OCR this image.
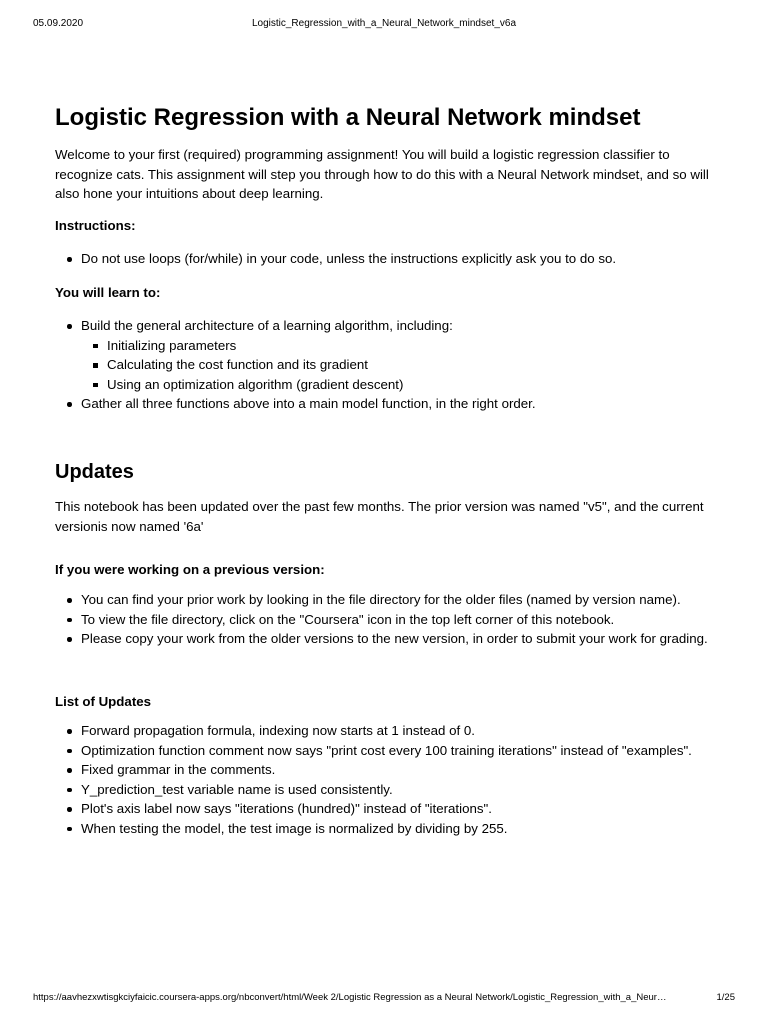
05.09.2020	Logistic_Regression_with_a_Neural_Network_mindset_v6a
Logistic Regression with a Neural Network mindset

Welcome to your first (required) programming assignment! You will build a logistic regression classifier to recognize cats. This assignment will step you through how to do this with a Neural Network mindset, and so will also hone your intuitions about deep learning.

Instructions:

Do not use loops (for/while) in your code, unless the instructions explicitly ask you to do so.

You will learn to:

Build the general architecture of a learning algorithm, including:
Initializing parameters
Calculating the cost function and its gradient
Using an optimization algorithm (gradient descent)
Gather all three functions above into a main model function, in the right order.
Updates

This notebook has been updated over the past few months. The prior version was named "v5", and the current versionis now named '6a'

If you were working on a previous version:

You can find your prior work by looking in the file directory for the older files (named by version name).
To view the file directory, click on the "Coursera" icon in the top left corner of this notebook.
Please copy your work from the older versions to the new version, in order to submit your work for grading.

List of Updates

Forward propagation formula, indexing now starts at 1 instead of 0.
Optimization function comment now says "print cost every 100 training iterations" instead of "examples".
Fixed grammar in the comments.
Y_prediction_test variable name is used consistently.
Plot's axis label now says "iterations (hundred)" instead of "iterations".
When testing the model, the test image is normalized by dividing by 255.
https://aavhezxwtisgkciyfaicic.coursera-apps.org/nbconvert/html/Week 2/Logistic Regression as a Neural Network/Logistic_Regression_with_a_Neur…	1/25
